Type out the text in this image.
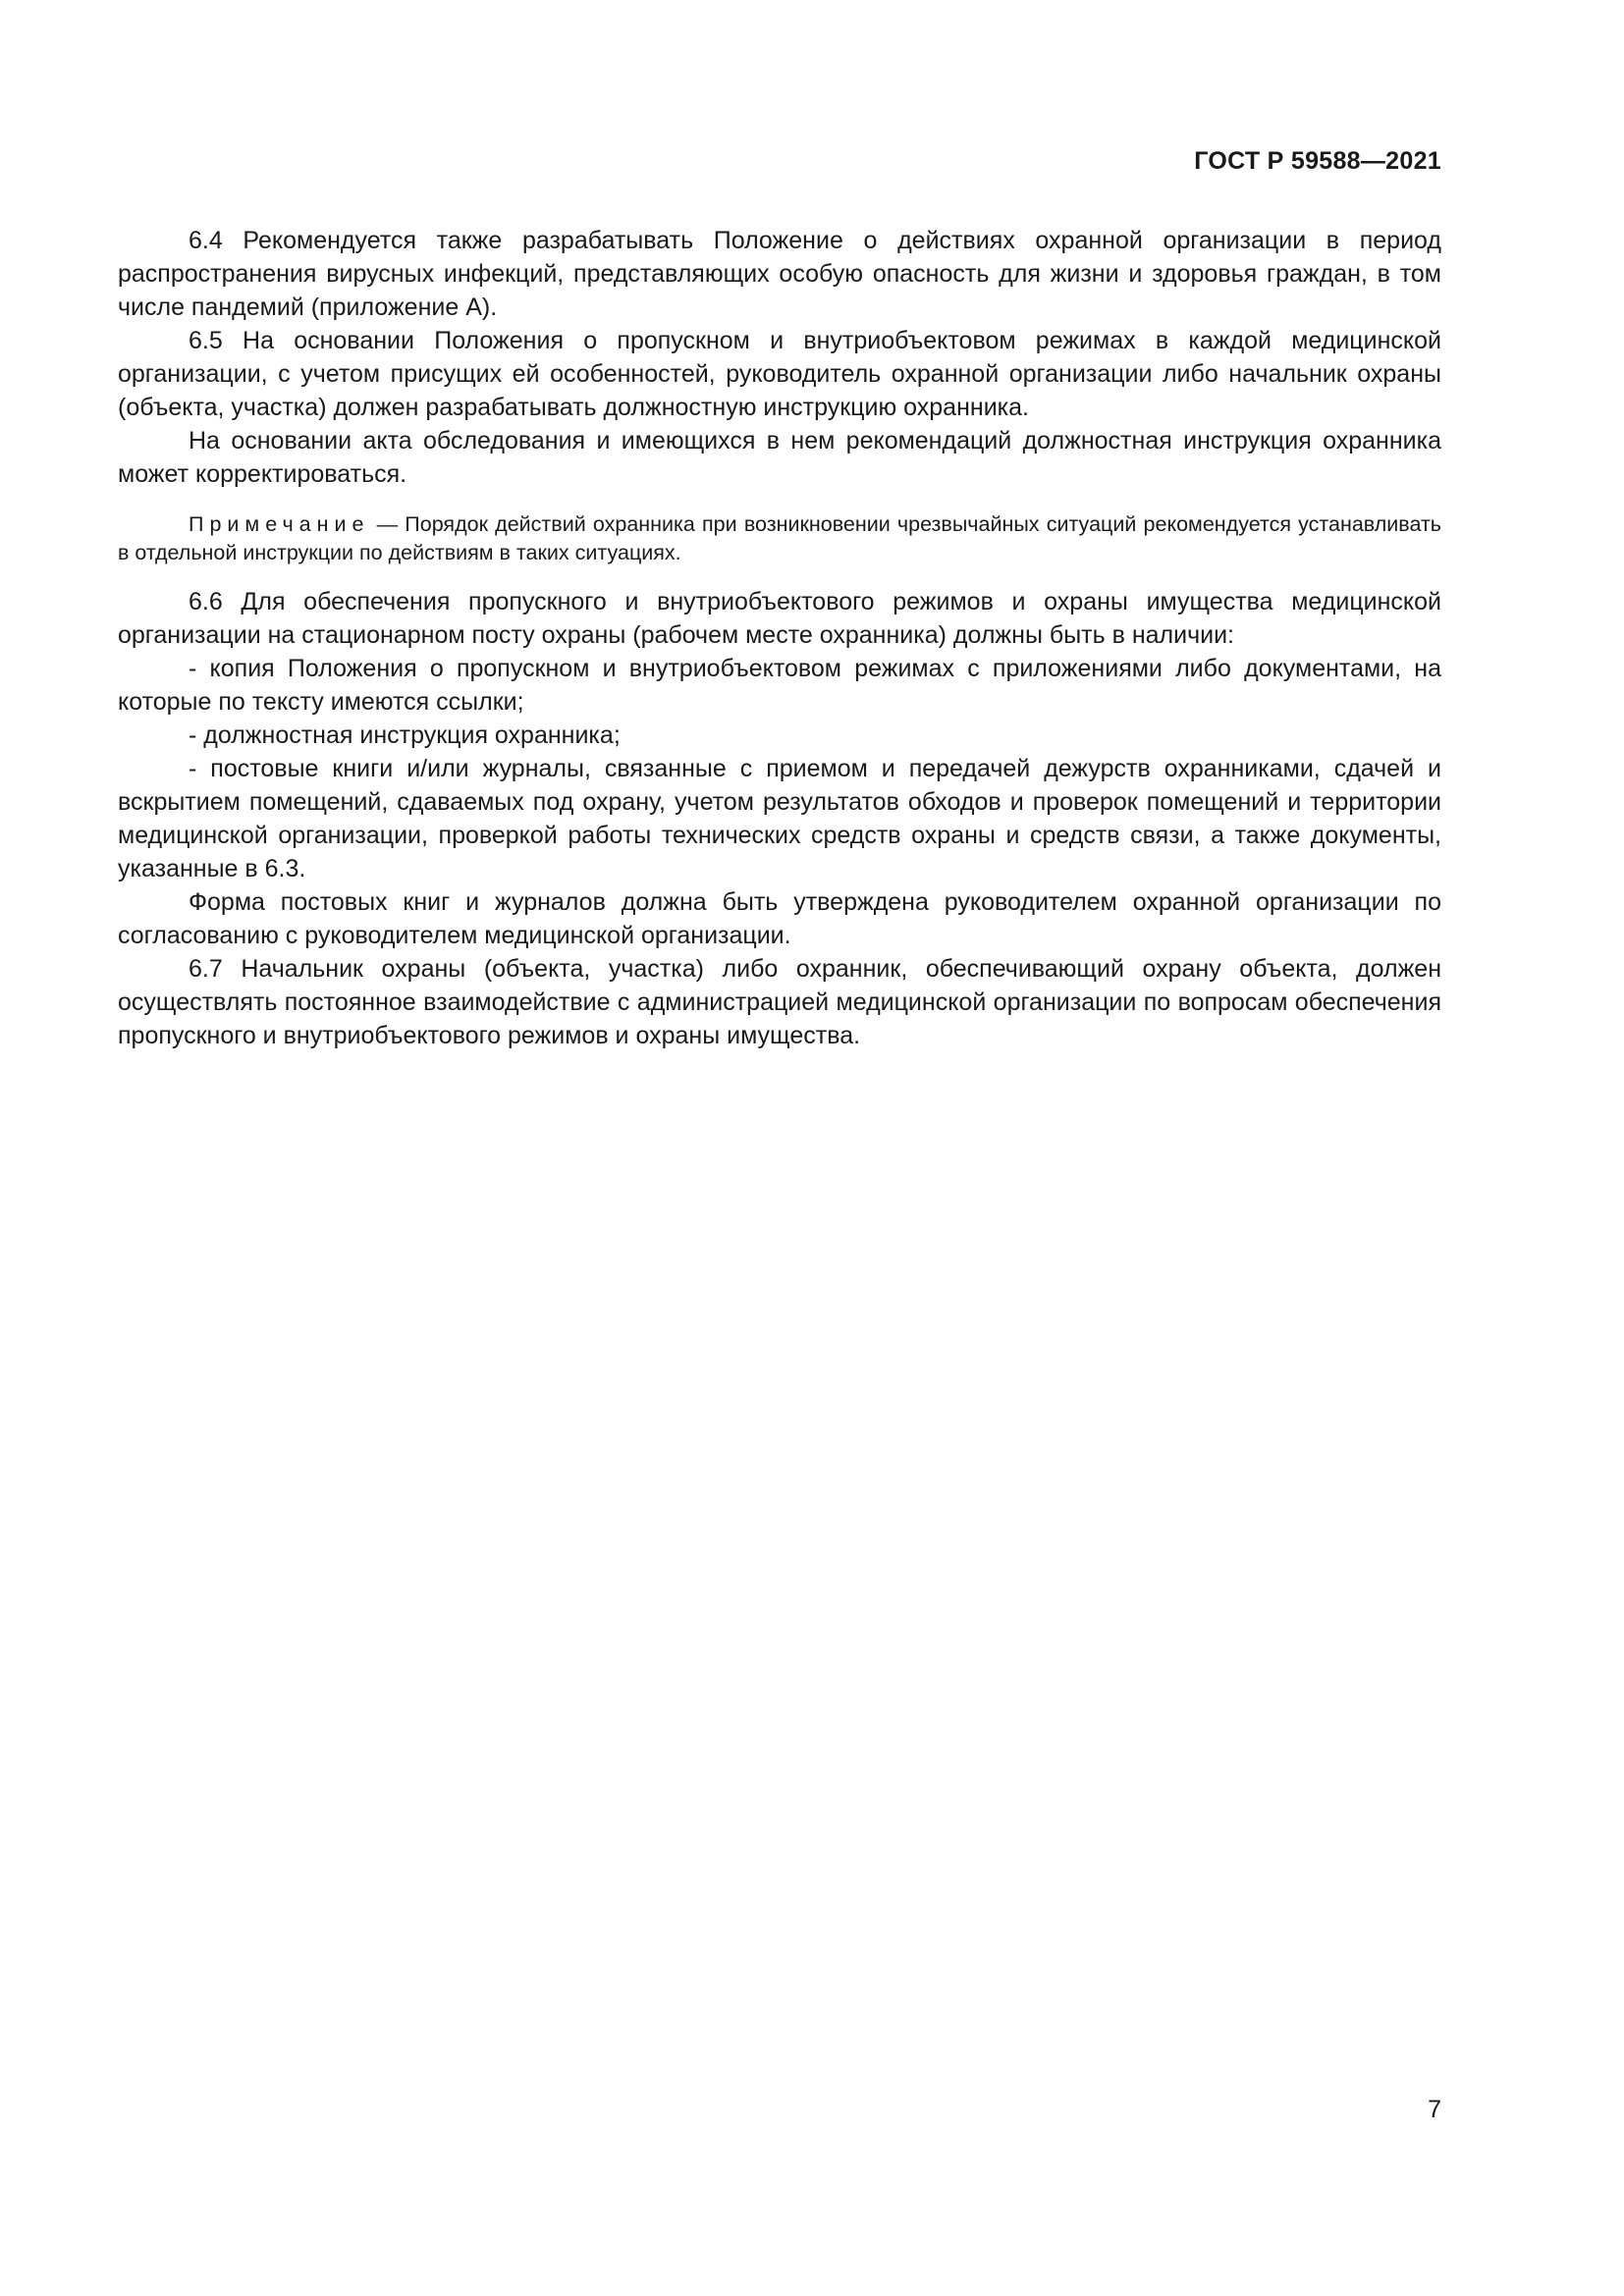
ГОСТ Р 59588—2021

6.4 Рекомендуется также разрабатывать Положение о действиях охранной организации в период распространения вирусных инфекций, представляющих особую опасность для жизни и здоровья граждан, в том числе пандемий (приложение А).

6.5 На основании Положения о пропускном и внутриобъектовом режимах в каждой медицинской организации, с учетом присущих ей особенностей, руководитель охранной организации либо начальник охраны (объекта, участка) должен разрабатывать должностную инструкцию охранника.

На основании акта обследования и имеющихся в нем рекомендаций должностная инструкция охранника может корректироваться.

Примечание — Порядок действий охранника при возникновении чрезвычайных ситуаций рекомендуется устанавливать в отдельной инструкции по действиям в таких ситуациях.

6.6 Для обеспечения пропускного и внутриобъектового режимов и охраны имущества медицинской организации на стационарном посту охраны (рабочем месте охранника) должны быть в наличии:

- копия Положения о пропускном и внутриобъектовом режимах с приложениями либо документами, на которые по тексту имеются ссылки;

- должностная инструкция охранника;

- постовые книги и/или журналы, связанные с приемом и передачей дежурств охранниками, сдачей и вскрытием помещений, сдаваемых под охрану, учетом результатов обходов и проверок помещений и территории медицинской организации, проверкой работы технических средств охраны и средств связи, а также документы, указанные в 6.3.

Форма постовых книг и журналов должна быть утверждена руководителем охранной организации по согласованию с руководителем медицинской организации.

6.7 Начальник охраны (объекта, участка) либо охранник, обеспечивающий охрану объекта, должен осуществлять постоянное взаимодействие с администрацией медицинской организации по вопросам обеспечения пропускного и внутриобъектового режимов и охраны имущества.

7
